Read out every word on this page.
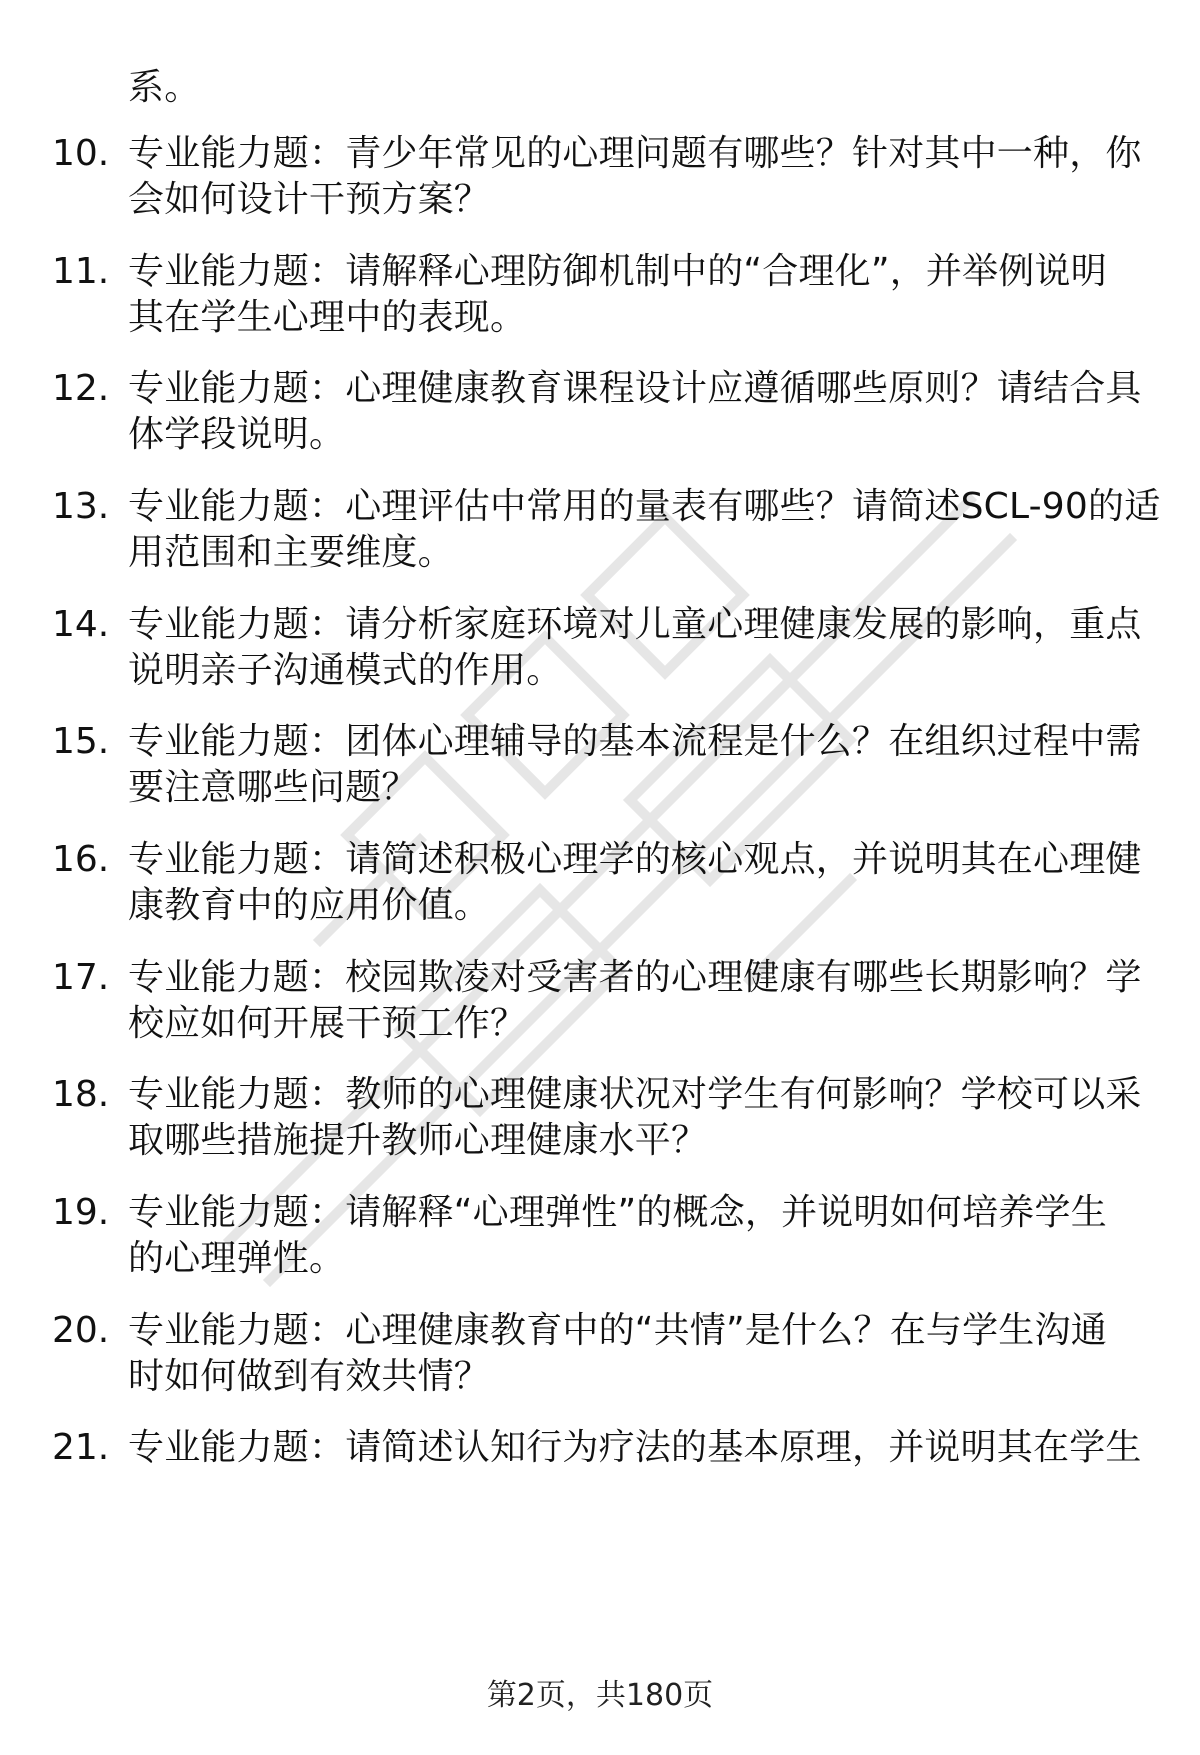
系。
10. 专业能力题：青少年常见的心理问题有哪些？针对其中一种，你
会如何设计干预方案？
11. 专业能力题：请解释心理防御机制中的“合理化”，并举例说明
其在学生心理中的表现。
12. 专业能力题：心理健康教育课程设计应遵循哪些原则？请结合具
体学段说明。
13. 专业能力题：心理评估中常用的量表有哪些？请简述SCL-90的适
用范围和主要维度。
14. 专业能力题：请分析家庭环境对儿童心理健康发展的影响，重点
说明亲子沟通模式的作用。
15. 专业能力题：团体心理辅导的基本流程是什么？在组织过程中需
要注意哪些问题？
16. 专业能力题：请简述积极心理学的核心观点，并说明其在心理健
康教育中的应用价值。
17. 专业能力题：校园欺凌对受害者的心理健康有哪些长期影响？学
校应如何开展干预工作？
18. 专业能力题：教师的心理健康状况对学生有何影响？学校可以采
取哪些措施提升教师心理健康水平？
19. 专业能力题：请解释“心理弹性”的概念，并说明如何培养学生
的心理弹性。
20. 专业能力题：心理健康教育中的“共情”是什么？在与学生沟通
时如何做到有效共情？
21. 专业能力题：请简述认知行为疗法的基本原理，并说明其在学生
第2页，共180页
